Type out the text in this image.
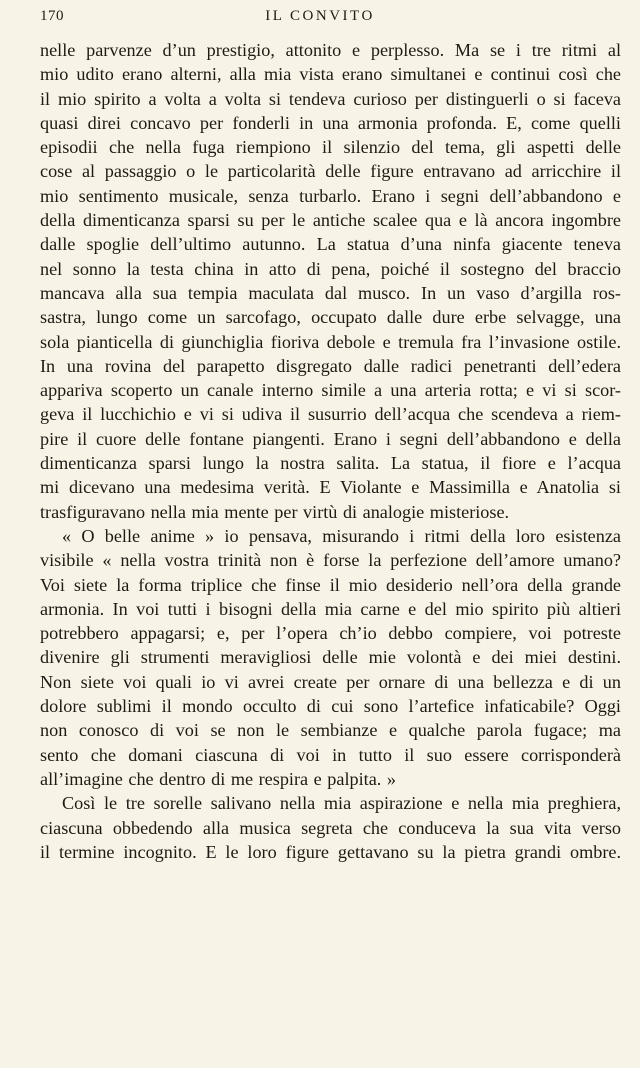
170	IL CONVITO
nelle parvenze d’un prestigio, attonito e perplesso. Ma se i tre ritmi al
mio udito erano alterni, alla mia vista erano simultanei e continui così che
il mio spirito a volta a volta si tendeva curioso per distinguerli o si faceva
quasi direi concavo per fonderli in una armonia profonda. E, come quelli
episodii che nella fuga riempiono il silenzio del tema, gli aspetti delle
cose al passaggio o le particolarità delle figure entravano ad arricchire il
mio sentimento musicale, senza turbarlo. Erano i segni dell’abbandono e
della dimenticanza sparsi su per le antiche scalee qua e là ancora ingombre
dalle spoglie dell’ultimo autunno. La statua d’una ninfa giacente teneva
nel sonno la testa china in atto di pena, poiché il sostegno del braccio
mancava alla sua tempia maculata dal musco. In un vaso d’argilla ros-
sastra, lungo come un sarcofago, occupato dalle dure erbe selvagge, una
sola pianticella di giunchiglia fioriva debole e tremula fra l’invasione ostile.
In una rovina del parapetto disgregato dalle radici penetranti dell’edera
appariva scoperto un canale interno simile a una arteria rotta; e vi si scor-
geva il lucchichio e vi si udiva il susurrio dell’acqua che scendeva a riem-
pire il cuore delle fontane piangenti. Erano i segni dell’abbandono e della
dimenticanza sparsi lungo la nostra salita. La statua, il fiore e l’acqua
mi dicevano una medesima verità. E Violante e Massimilla e Anatolia si
trasfiguravano nella mia mente per virtù di analogie misteriose.
« O belle anime » io pensava, misurando i ritmi della loro esistenza
visibile « nella vostra trinità non è forse la perfezione dell’amore umano?
Voi siete la forma triplice che finse il mio desiderio nell’ora della grande
armonia. In voi tutti i bisogni della mia carne e del mio spirito più altieri
potrebbero appagarsi; e, per l’opera ch’io debbo compiere, voi potreste
divenire gli strumenti meravigliosi delle mie volontà e dei miei destini.
Non siete voi quali io vi avrei create per ornare di una bellezza e di un
dolore sublimi il mondo occulto di cui sono l’artefice infaticabile? Oggi
non conosco di voi se non le sembianze e qualche parola fugace; ma
sento che domani ciascuna di voi in tutto il suo essere corrisponderà
all’imagine che dentro di me respira e palpita. »
Così le tre sorelle salivano nella mia aspirazione e nella mia preghiera,
ciascuna obbedendo alla musica segreta che conduceva la sua vita verso
il termine incognito. E le loro figure gettavano su la pietra grandi ombre.
